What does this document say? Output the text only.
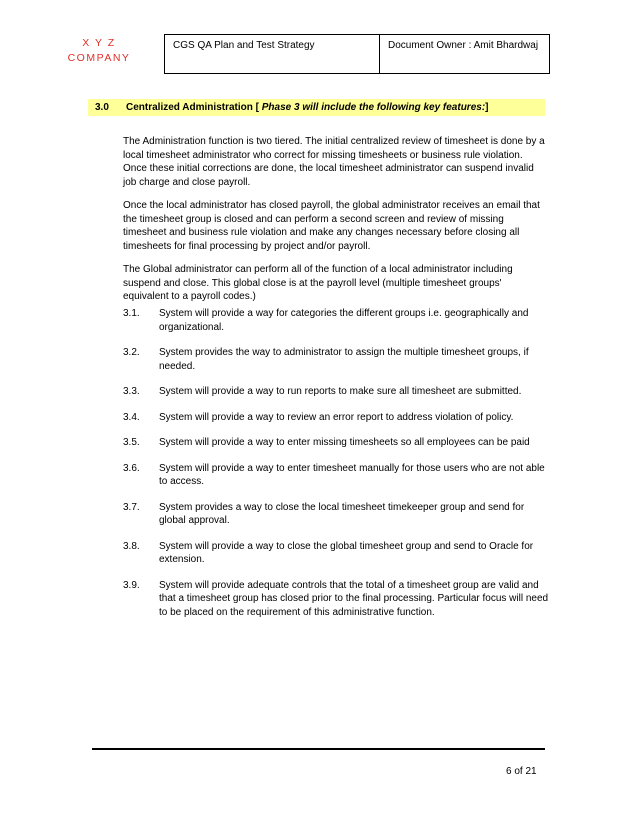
X Y Z
COMPANY
CGS QA Plan and Test Strategy	Document Owner : Amit Bhardwaj
3.0 Centralized Administration [ Phase 3 will include the following key features:]

The Administration function is two tiered. The initial centralized review of timesheet is done by a local timesheet administrator who correct for missing timesheets or business rule violation. Once these initial corrections are done, the local timesheet administrator can suspend invalid job charge and close payroll.

Once the local administrator has closed payroll, the global administrator receives an email that the timesheet group is closed and can perform a second screen and review of missing timesheet and business rule violation and make any changes necessary before closing all timesheets for final processing by project and/or payroll.

The Global administrator can perform all of the function of a local administrator including suspend and close. This global close is at the payroll level (multiple timesheet groups' equivalent to a payroll codes.)

3.1. System will provide a way for categories the different groups i.e. geographically and organizational.
3.2. System provides the way to administrator to assign the multiple timesheet groups, if needed.
3.3. System will provide a way to run reports to make sure all timesheet are submitted.
3.4. System will provide a way to review an error report to address violation of policy.
3.5. System will provide a way to enter missing timesheets so all employees can be paid
3.6. System will provide a way to enter timesheet manually for those users who are not able to access.
3.7. System provides a way to close the local timesheet timekeeper group and send for global approval.
3.8. System will provide a way to close the global timesheet group and send to Oracle for extension.
3.9. System will provide adequate controls that the total of a timesheet group are valid and that a timesheet group has closed prior to the final processing. Particular focus will need to be placed on the requirement of this administrative function.
6 of 21
